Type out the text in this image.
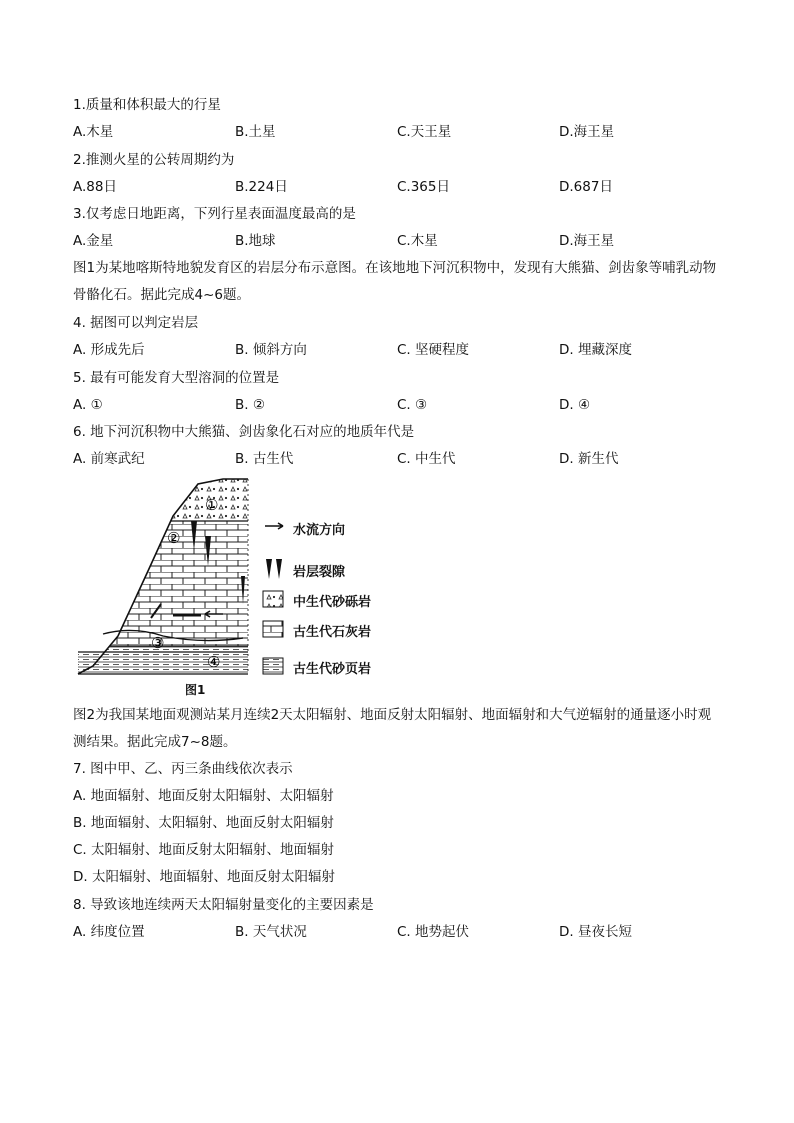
1.质量和体积最大的行星
A.木星	B.土星	C.天王星	D.海王星
2.推测火星的公转周期约为
A.88日	B.224日	C.365日	D.687日
3.仅考虑日地距离，下列行星表面温度最高的是
A.金星	B.地球	C.木星	D.海王星
图1为某地喀斯特地貌发育区的岩层分布示意图。在该地地下河沉积物中，发现有大熊猫、剑齿象等哺乳动物骨骼化石。据此完成4~6题。
4. 据图可以判定岩层
A. 形成先后	B. 倾斜方向	C. 坚硬程度	D. 埋藏深度
5. 最有可能发育大型溶洞的位置是
A. ①	B. ②	C. ③	D. ④
6. 地下河沉积物中大熊猫、剑齿象化石对应的地质年代是
A. 前寒武纪	B. 古生代	C. 中生代	D. 新生代
①
②
③
④
水流方向
岩层裂隙
中生代砂砾岩
古生代石灰岩
古生代砂页岩
图1
图2为我国某地面观测站某月连续2天太阳辐射、地面反射太阳辐射、地面辐射和大气逆辐射的通量逐小时观测结果。据此完成7~8题。
7. 图中甲、乙、丙三条曲线依次表示
A. 地面辐射、地面反射太阳辐射、太阳辐射
B. 地面辐射、太阳辐射、地面反射太阳辐射
C. 太阳辐射、地面反射太阳辐射、地面辐射
D. 太阳辐射、地面辐射、地面反射太阳辐射
8. 导致该地连续两天太阳辐射量变化的主要因素是
A. 纬度位置	B. 天气状况	C. 地势起伏	D. 昼夜长短
